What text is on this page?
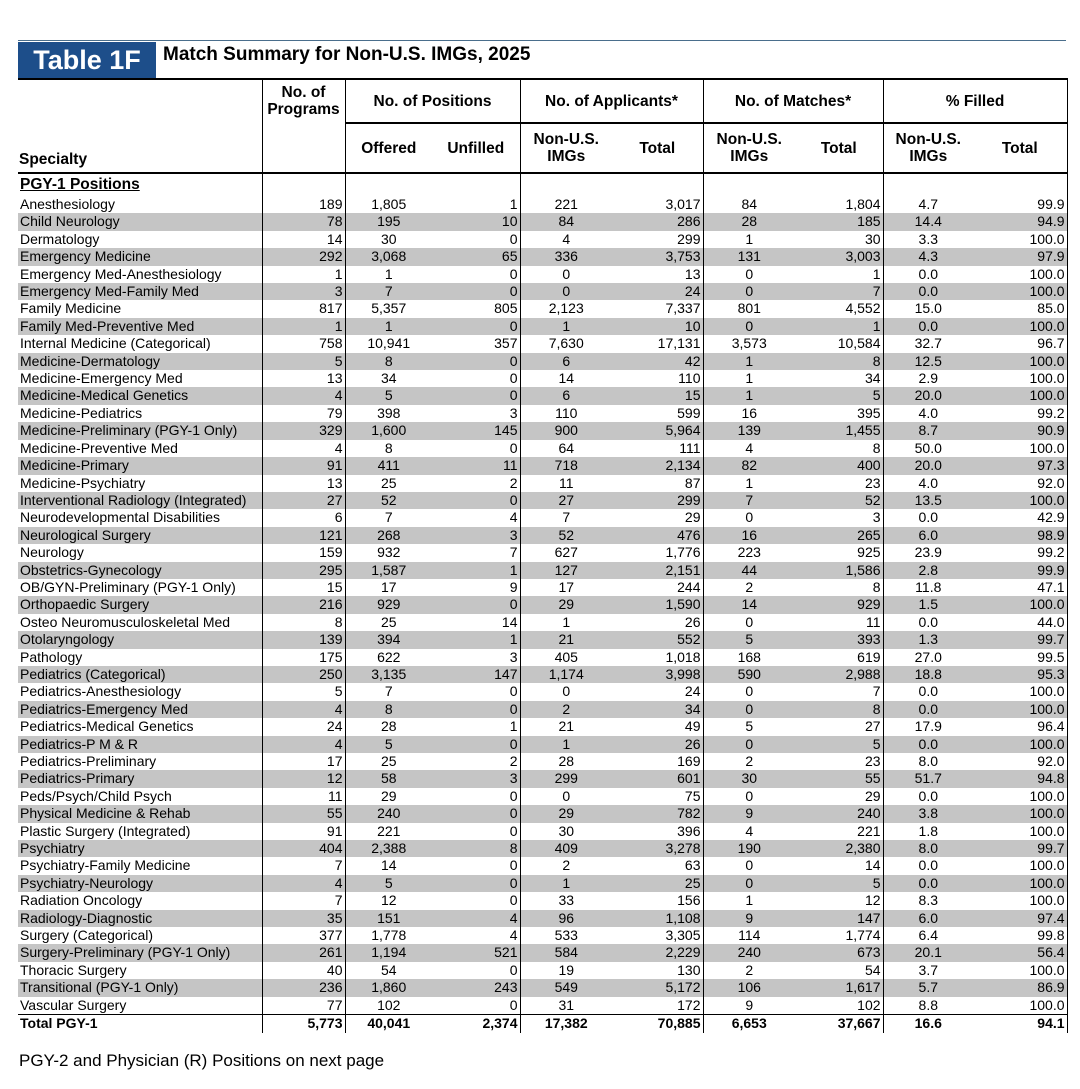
Table 1F	Match Summary for Non-U.S. IMGs, 2025
Specialty	No. of Programs	No. of Positions		No. of Applicants*		No. of Matches*		% Filled	
		Offered	Unfilled	Non-U.S. IMGs	Total	Non-U.S. IMGs	Total	Non-U.S. IMGs	Total
PGY-1 Positions									
Anesthesiology	189	1,805	1	221	3,017	84	1,804	4.7	99.9
Child Neurology	78	195	10	84	286	28	185	14.4	94.9
Dermatology	14	30	0	4	299	1	30	3.3	100.0
Emergency Medicine	292	3,068	65	336	3,753	131	3,003	4.3	97.9
Emergency Med-Anesthesiology	1	1	0	0	13	0	1	0.0	100.0
Emergency Med-Family Med	3	7	0	0	24	0	7	0.0	100.0
Family Medicine	817	5,357	805	2,123	7,337	801	4,552	15.0	85.0
Family Med-Preventive Med	1	1	0	1	10	0	1	0.0	100.0
Internal Medicine (Categorical)	758	10,941	357	7,630	17,131	3,573	10,584	32.7	96.7
Medicine-Dermatology	5	8	0	6	42	1	8	12.5	100.0
Medicine-Emergency Med	13	34	0	14	110	1	34	2.9	100.0
Medicine-Medical Genetics	4	5	0	6	15	1	5	20.0	100.0
Medicine-Pediatrics	79	398	3	110	599	16	395	4.0	99.2
Medicine-Preliminary (PGY-1 Only)	329	1,600	145	900	5,964	139	1,455	8.7	90.9
Medicine-Preventive Med	4	8	0	64	111	4	8	50.0	100.0
Medicine-Primary	91	411	11	718	2,134	82	400	20.0	97.3
Medicine-Psychiatry	13	25	2	11	87	1	23	4.0	92.0
Interventional Radiology (Integrated)	27	52	0	27	299	7	52	13.5	100.0
Neurodevelopmental Disabilities	6	7	4	7	29	0	3	0.0	42.9
Neurological Surgery	121	268	3	52	476	16	265	6.0	98.9
Neurology	159	932	7	627	1,776	223	925	23.9	99.2
Obstetrics-Gynecology	295	1,587	1	127	2,151	44	1,586	2.8	99.9
OB/GYN-Preliminary (PGY-1 Only)	15	17	9	17	244	2	8	11.8	47.1
Orthopaedic Surgery	216	929	0	29	1,590	14	929	1.5	100.0
Osteo Neuromusculoskeletal Med	8	25	14	1	26	0	11	0.0	44.0
Otolaryngology	139	394	1	21	552	5	393	1.3	99.7
Pathology	175	622	3	405	1,018	168	619	27.0	99.5
Pediatrics (Categorical)	250	3,135	147	1,174	3,998	590	2,988	18.8	95.3
Pediatrics-Anesthesiology	5	7	0	0	24	0	7	0.0	100.0
Pediatrics-Emergency Med	4	8	0	2	34	0	8	0.0	100.0
Pediatrics-Medical Genetics	24	28	1	21	49	5	27	17.9	96.4
Pediatrics-P M & R	4	5	0	1	26	0	5	0.0	100.0
Pediatrics-Preliminary	17	25	2	28	169	2	23	8.0	92.0
Pediatrics-Primary	12	58	3	299	601	30	55	51.7	94.8
Peds/Psych/Child Psych	11	29	0	0	75	0	29	0.0	100.0
Physical Medicine & Rehab	55	240	0	29	782	9	240	3.8	100.0
Plastic Surgery (Integrated)	91	221	0	30	396	4	221	1.8	100.0
Psychiatry	404	2,388	8	409	3,278	190	2,380	8.0	99.7
Psychiatry-Family Medicine	7	14	0	2	63	0	14	0.0	100.0
Psychiatry-Neurology	4	5	0	1	25	0	5	0.0	100.0
Radiation Oncology	7	12	0	33	156	1	12	8.3	100.0
Radiology-Diagnostic	35	151	4	96	1,108	9	147	6.0	97.4
Surgery (Categorical)	377	1,778	4	533	3,305	114	1,774	6.4	99.8
Surgery-Preliminary (PGY-1 Only)	261	1,194	521	584	2,229	240	673	20.1	56.4
Thoracic Surgery	40	54	0	19	130	2	54	3.7	100.0
Transitional (PGY-1 Only)	236	1,860	243	549	5,172	106	1,617	5.7	86.9
Vascular Surgery	77	102	0	31	172	9	102	8.8	100.0
Total PGY-1	5,773	40,041	2,374	17,382	70,885	6,653	37,667	16.6	94.1
PGY-2 and Physician (R) Positions on next page
